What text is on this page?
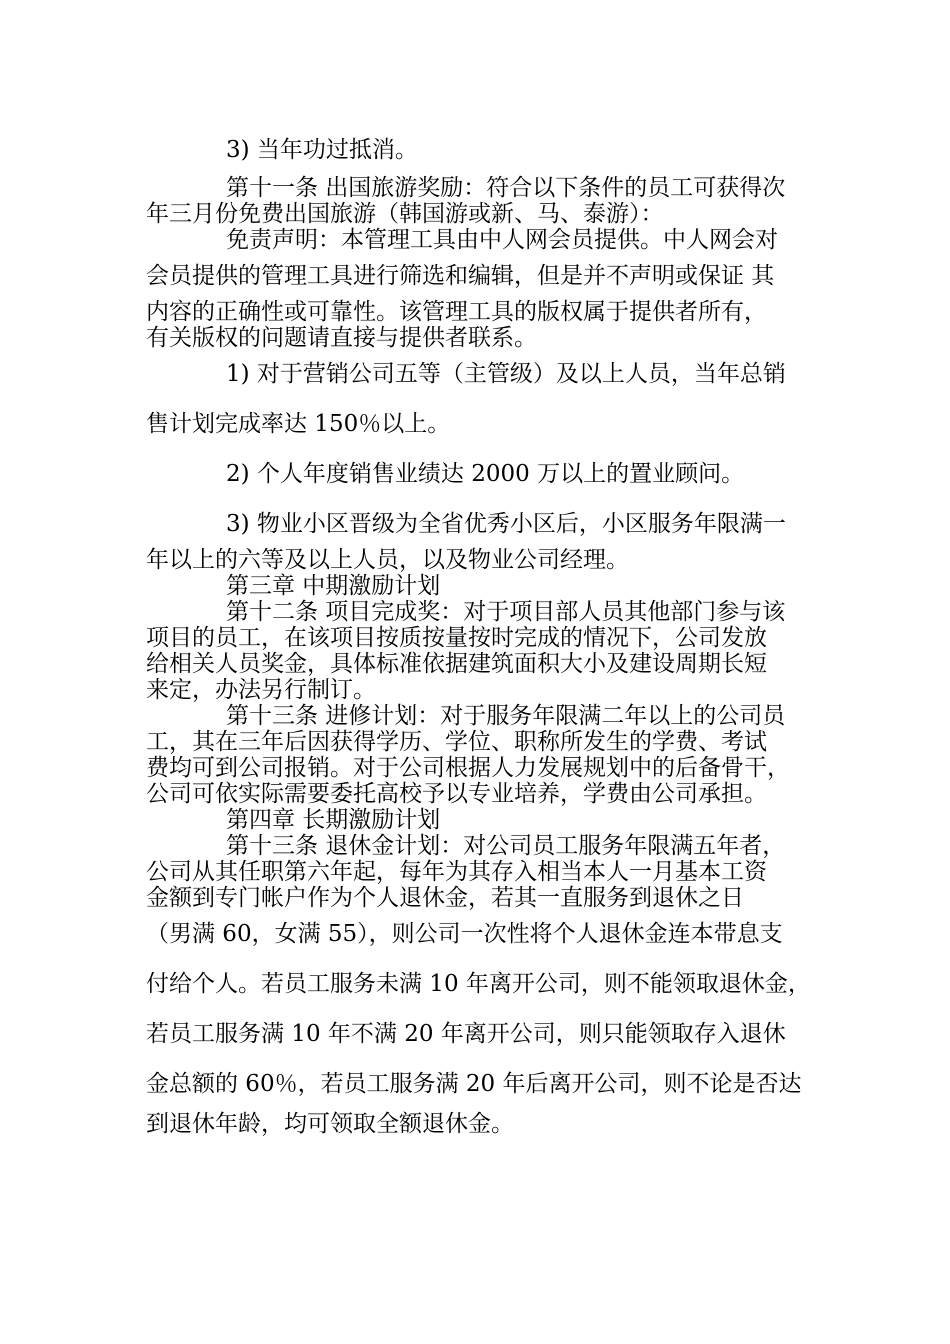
3) 当年功过抵消。
第十一条 出国旅游奖励：符合以下条件的员工可获得次
年三月份免费出国旅游（韩国游或新、马、泰游）：
免责声明：本管理工具由中人网会员提供。中人网会对
会员提供的管理工具进行筛选和编辑，但是并不声明或保证 其
内容的正确性或可靠性。该管理工具的版权属于提供者所有，
有关版权的问题请直接与提供者联系。
1) 对于营销公司五等（主管级）及以上人员，当年总销
售计划完成率达 150％以上。
2) 个人年度销售业绩达 2000 万以上的置业顾问。
3) 物业小区晋级为全省优秀小区后，小区服务年限满一
年以上的六等及以上人员，以及物业公司经理。
第三章 中期激励计划
第十二条 项目完成奖：对于项目部人员其他部门参与该
项目的员工，在该项目按质按量按时完成的情况下，公司发放
给相关人员奖金，具体标准依据建筑面积大小及建设周期长短
来定，办法另行制订。
第十三条 进修计划：对于服务年限满二年以上的公司员
工，其在三年后因获得学历、学位、职称所发生的学费、考试
费均可到公司报销。对于公司根据人力发展规划中的后备骨干，
公司可依实际需要委托高校予以专业培养，学费由公司承担。
第四章 长期激励计划
第十三条 退休金计划：对公司员工服务年限满五年者，
公司从其任职第六年起，每年为其存入相当本人一月基本工资
金额到专门帐户作为个人退休金，若其一直服务到退休之日
（男满 60，女满 55），则公司一次性将个人退休金连本带息支
付给个人。若员工服务未满 10 年离开公司，则不能领取退休金，
若员工服务满 10 年不满 20 年离开公司，则只能领取存入退休
金总额的 60％，若员工服务满 20 年后离开公司，则不论是否达
到退休年龄，均可领取全额退休金。
